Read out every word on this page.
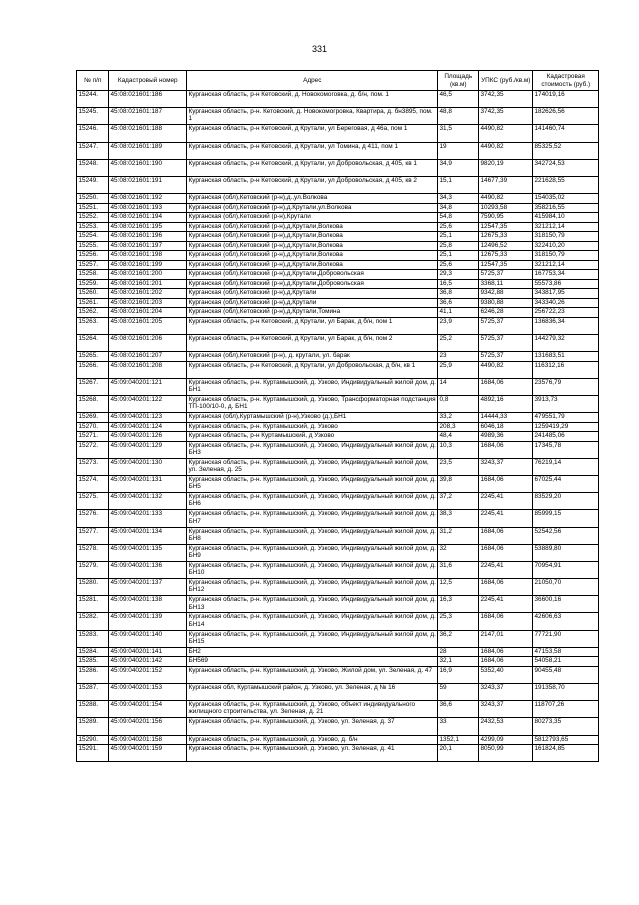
331
№ п/п	Кадастровый номер	Адрес	Площадь (кв.м)	УПКС (руб./кв.м)	Кадастровая стоимость (руб.)
15244.	45:08:021601:186	Курганская область, р-н Кетовский, д. Новокомоговка, д. б/н, пом. 1	46,5	3742,35	174019,16
15245.	45:08:021601:187	Курганская область, р-н. Кетовский, д. Новокомогровка, Квартира, д. бн3895, пом. 1	48,8	3742,35	182626,56
15246.	45:08:021601:188	Курганская область, р-н Кетовский, д Крутали, ул Береговая, д 46а, пом 1	31,5	4490,82	141460,74
15247.	45:08:021601:189	Курганская область, р-н Кетовский, д Крутали, ул Томина, д 411, пом 1	19	4490,82	85325,52
15248.	45:08:021601:190	Курганская область, р-н Кетовский, д Крутали, ул Добровольская, д 405, кв 1	34,9	9820,19	342724,53
15249.	45:08:021601:191	Курганская область, р-н Кетовский, д Крутали, ул Добровольская, д 405, кв 2	15,1	14677,39	221628,55
15250.	45:08:021601:192	Курганская (обл),Кетовский (р-н),д.,ул.Волкова	34,3	4490,82	154035,02
15251.	45:08:021601:193	Курганская (обл),Кетовский (р-н),д.Крутали,ул.Волкова	34,8	10293,58	358216,55
15252.	45:08:021601:194	Курганская (обл),Кетовский (р-н),Крутали	54,8	7590,95	415984,10
15253.	45:08:021601:195	Курганская (обл),Кетовский (р-н),д,Крутали,Волкова	25,6	12547,35	321212,14
15254.	45:08:021601:196	Курганская (обл),Кетовский (р-н),д,Крутали,Волкова	25,1	12675,33	318150,79
15255.	45:08:021601:197	Курганская (обл),Кетовский (р-н),д,Крутали,Волкова	25,8	12496,52	322410,20
15256.	45:08:021601:198	Курганская (обл),Кетовский (р-н),д,Крутали,Волкова	25,1	12675,33	318150,79
15257.	45:08:021601:199	Курганская (обл),Кетовский (р-н),д,Крутали,Волкова	25,6	12547,35	321212,14
15258.	45:08:021601:200	Курганская (обл),Кетовский (р-н),д,Крутали,Добровольская	29,3	5725,37	167753,34
15259.	45:08:021601:201	Курганская (обл),Кетовский (р-н),д,Крутали,Добровольская	16,5	3368,11	55573,86
15260.	45:08:021601:202	Курганская (обл),Кетовский (р-н),д,Крутали	36,8	9342,88	343817,95
15261.	45:08:021601:203	Курганская (обл),Кетовский (р-н),д,Крутали	36,6	9380,88	343340,26
15262.	45:08:021601:204	Курганская (обл),Кетовский (р-н),д,Крутали,Томина	41,1	6246,28	256722,23
15263.	45:08:021601:205	Курганская область, р-н Кетовский, д Крутали, ул Барак, д б/н, пом 1	23,9	5725,37	136836,34
15264.	45:08:021601:206	Курганская область, р-н Кетовский, д Крутали, ул Барак, д б/н, пом 2	25,2	5725,37	144279,32
15265.	45:08:021601:207	Курганская (обл),Кетовский (р-н), д. крутали, ул. барак	23	5725,37	131683,51
15266.	45:08:021601:208	Курганская область, р-н Кетовский, д Крутали, ул Добровольская, д б/н, кв 1	25,9	4490,82	116312,16
15267.	45:09:040201:121	Курганская область, р-н. Куртамышский, д. Узково, Индивидуальный жилой дом, д. БН1	14	1684,06	23576,79
15268.	45:09:040201:122	Курганская область, р-н. Куртамышский, д. Узково, Трансформаторная подстанция ТП-100/10-0, д. БН1	0,8	4892,16	3913,73
15269.	45:09:040201:123	Курганская (обл),Куртамышский (р-н),Узково (д.),БН1	33,2	14444,33	479551,79
15270.	45:09:040201:124	Курганская область, р-н. Куртамышский, д. Узково	208,3	6046,18	1259419,29
15271.	45:09:040201:126	Курганская область, р-н Куртамышский, д Узково	48,4	4989,36	241485,06
15272.	45:09:040201:129	Курганская область, р-н. Куртамышский, д. Узково, Индивидуальный жилой дом, д. БН3	10,3	1684,06	17345,78
15273.	45:09:040201:130	Курганская область, р-н. Куртамышский, д. Узково, Индивидуальный жилой дом, ул. Зеленая, д. 25	23,5	3243,37	76219,14
15274.	45:09:040201:131	Курганская область, р-н. Куртамышский, д. Узково, Индивидуальный жилой дом, д. БН5	39,8	1684,06	67025,44
15275.	45:09:040201:132	Курганская область, р-н. Куртамышский, д. Узково, Индивидуальный жилой дом, д. БН6	37,2	2245,41	83529,20
15276.	45:09:040201:133	Курганская область, р-н. Куртамышский, д. Узково, Индивидуальный жилой дом, д. БН7	38,3	2245,41	85999,15
15277.	45:09:040201:134	Курганская область, р-н. Куртамышский, д. Узково, Индивидуальный жилой дом, д. БН8	31,2	1684,06	52542,56
15278.	45:09:040201:135	Курганская область, р-н. Куртамышский, д. Узково, Индивидуальный жилой дом, д. БН9	32	1684,06	53889,80
15279.	45:09:040201:136	Курганская область, р-н. Куртамышский, д. Узково, Индивидуальный жилой дом, д. БН10	31,6	2245,41	70954,91
15280.	45:09:040201:137	Курганская область, р-н. Куртамышский, д. Узково, Индивидуальный жилой дом, д. БН12	12,5	1684,06	21050,70
15281.	45:09:040201:138	Курганская область, р-н. Куртамышский, д. Узково, Индивидуальный жилой дом, д. БН13	16,3	2245,41	36600,16
15282.	45:09:040201:139	Курганская область, р-н. Куртамышский, д. Узково, Индивидуальный жилой дом, д. БН14	25,3	1684,06	42606,63
15283.	45:09:040201:140	Курганская область, р-н. Куртамышский, д. Узково, Индивидуальный жилой дом, д. БН15	36,2	2147,01	77721,90
15284.	45:09:040201:141	БН2	28	1684,06	47153,58
15285.	45:09:040201:142	БН569	32,1	1684,06	54058,21
15286.	45:09:040201:152	Курганская область, р-н. Куртамышский, д. Узково, Жилой дом, ул. Зеленая, д. 47	16,9	5352,40	90455,48
15287.	45:09:040201:153	Курганская обл, Куртамышский район, д. Узково, ул. Зеленая, д № 16	59	3243,37	191358,70
15288.	45:09:040201:154	Курганская область, р-н. Куртамышский, д. Узково, объект индивидуального жилищного строительства, ул. Зеленая, д. 21	36,6	3243,37	118707,26
15289.	45:09:040201:156	Курганская область, р-н. Куртамышский, д. Узково, ул. Зеленая, д. 37	33	2432,53	80273,35
15290.	45:09:040201:158	Курганская область, р-н. Куртамышский, д. Узково, д. б/н	1352,1	4299,09	5812793,65
15291.	45:09:040201:159	Курганская область, р-н. Куртамышский, д. Узково, ул. Зеленая, д. 41	20,1	8050,99	161824,85
